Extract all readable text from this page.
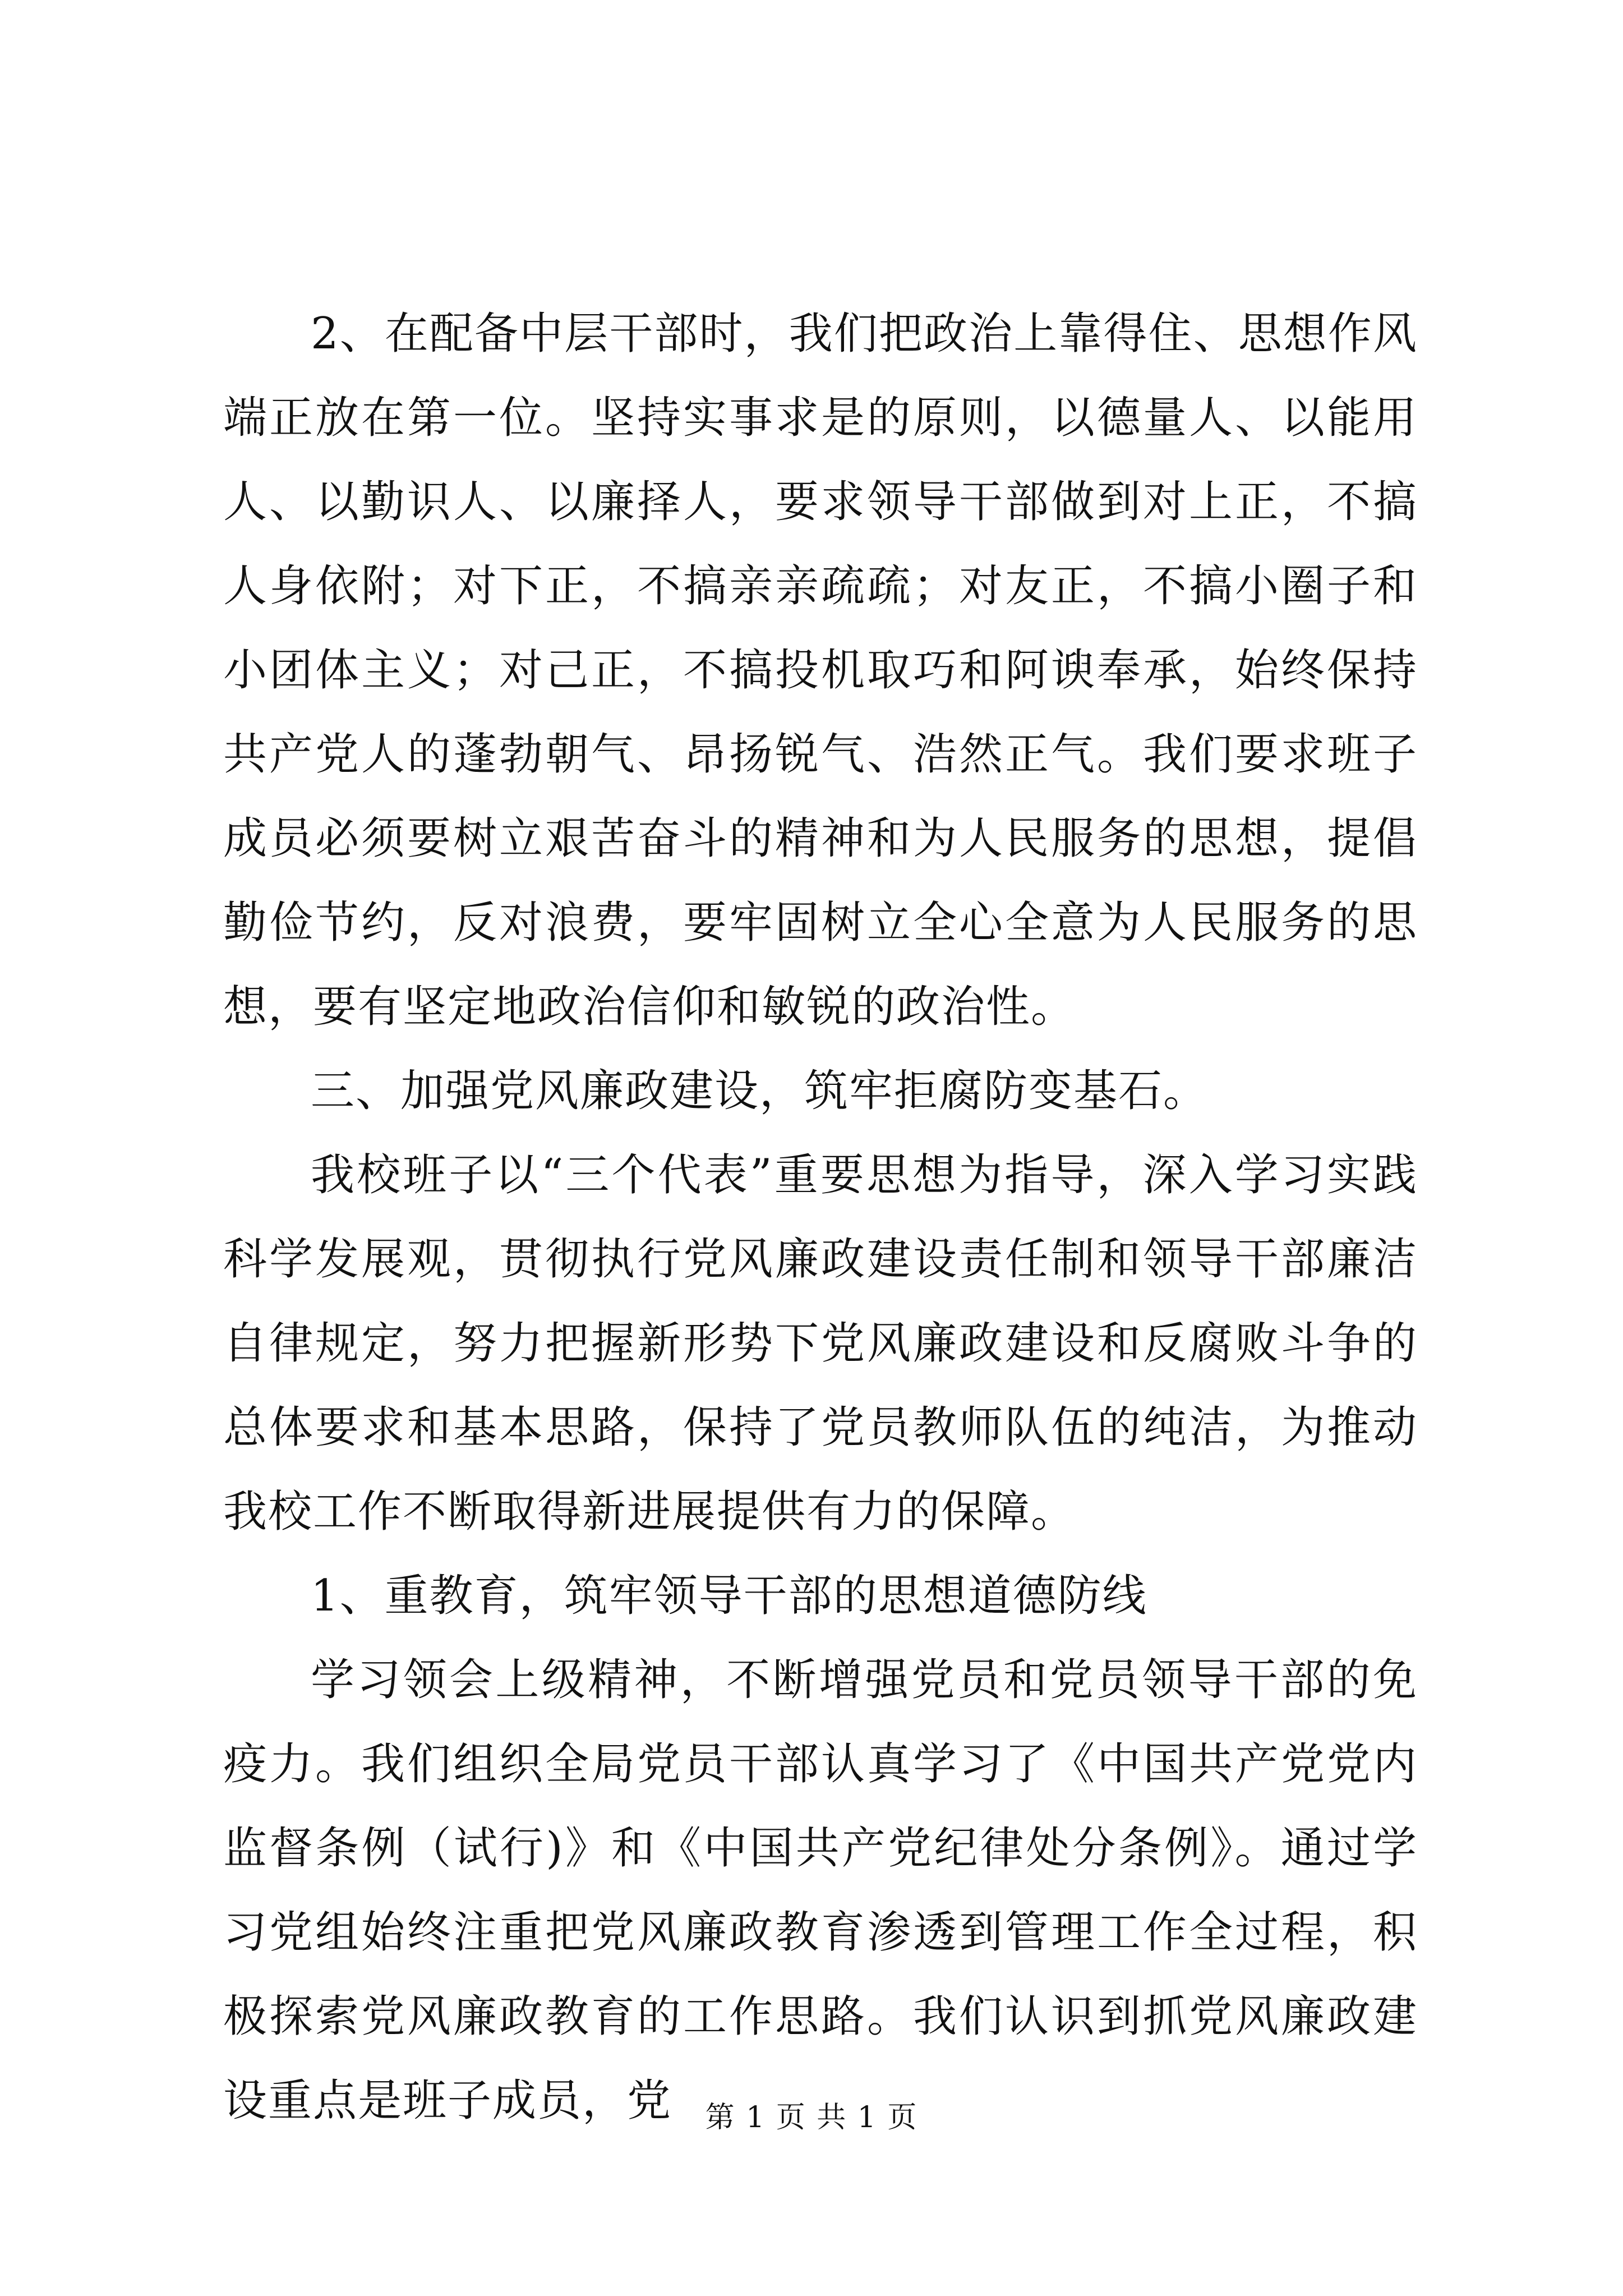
2、在配备中层干部时，我们把政治上靠得住、思想作风端正放在第一位。坚持实事求是的原则，以德量人、以能用人、以勤识人、以廉择人，要求领导干部做到对上正，不搞人身依附；对下正，不搞亲亲疏疏；对友正，不搞小圈子和小团体主义；对己正，不搞投机取巧和阿谀奉承，始终保持共产党人的蓬勃朝气、昂扬锐气、浩然正气。我们要求班子成员必须要树立艰苦奋斗的精神和为人民服务的思想，提倡勤俭节约，反对浪费，要牢固树立全心全意为人民服务的思想，要有坚定地政治信仰和敏锐的政治性。

三、加强党风廉政建设，筑牢拒腐防变基石。

我校班子以“三个代表”重要思想为指导，深入学习实践科学发展观，贯彻执行党风廉政建设责任制和领导干部廉洁自律规定，努力把握新形势下党风廉政建设和反腐败斗争的总体要求和基本思路，保持了党员教师队伍的纯洁，为推动我校工作不断取得新进展提供有力的保障。

1、重教育，筑牢领导干部的思想道德防线

学习领会上级精神，不断增强党员和党员领导干部的免疫力。我们组织全局党员干部认真学习了《中国共产党党内监督条例（试行)》和《中国共产党纪律处分条例》。通过学习党组始终注重把党风廉政教育渗透到管理工作全过程，积极探索党风廉政教育的工作思路。我们认识到抓党风廉政建设重点是班子成员，党	第 1 页 共 1 页
